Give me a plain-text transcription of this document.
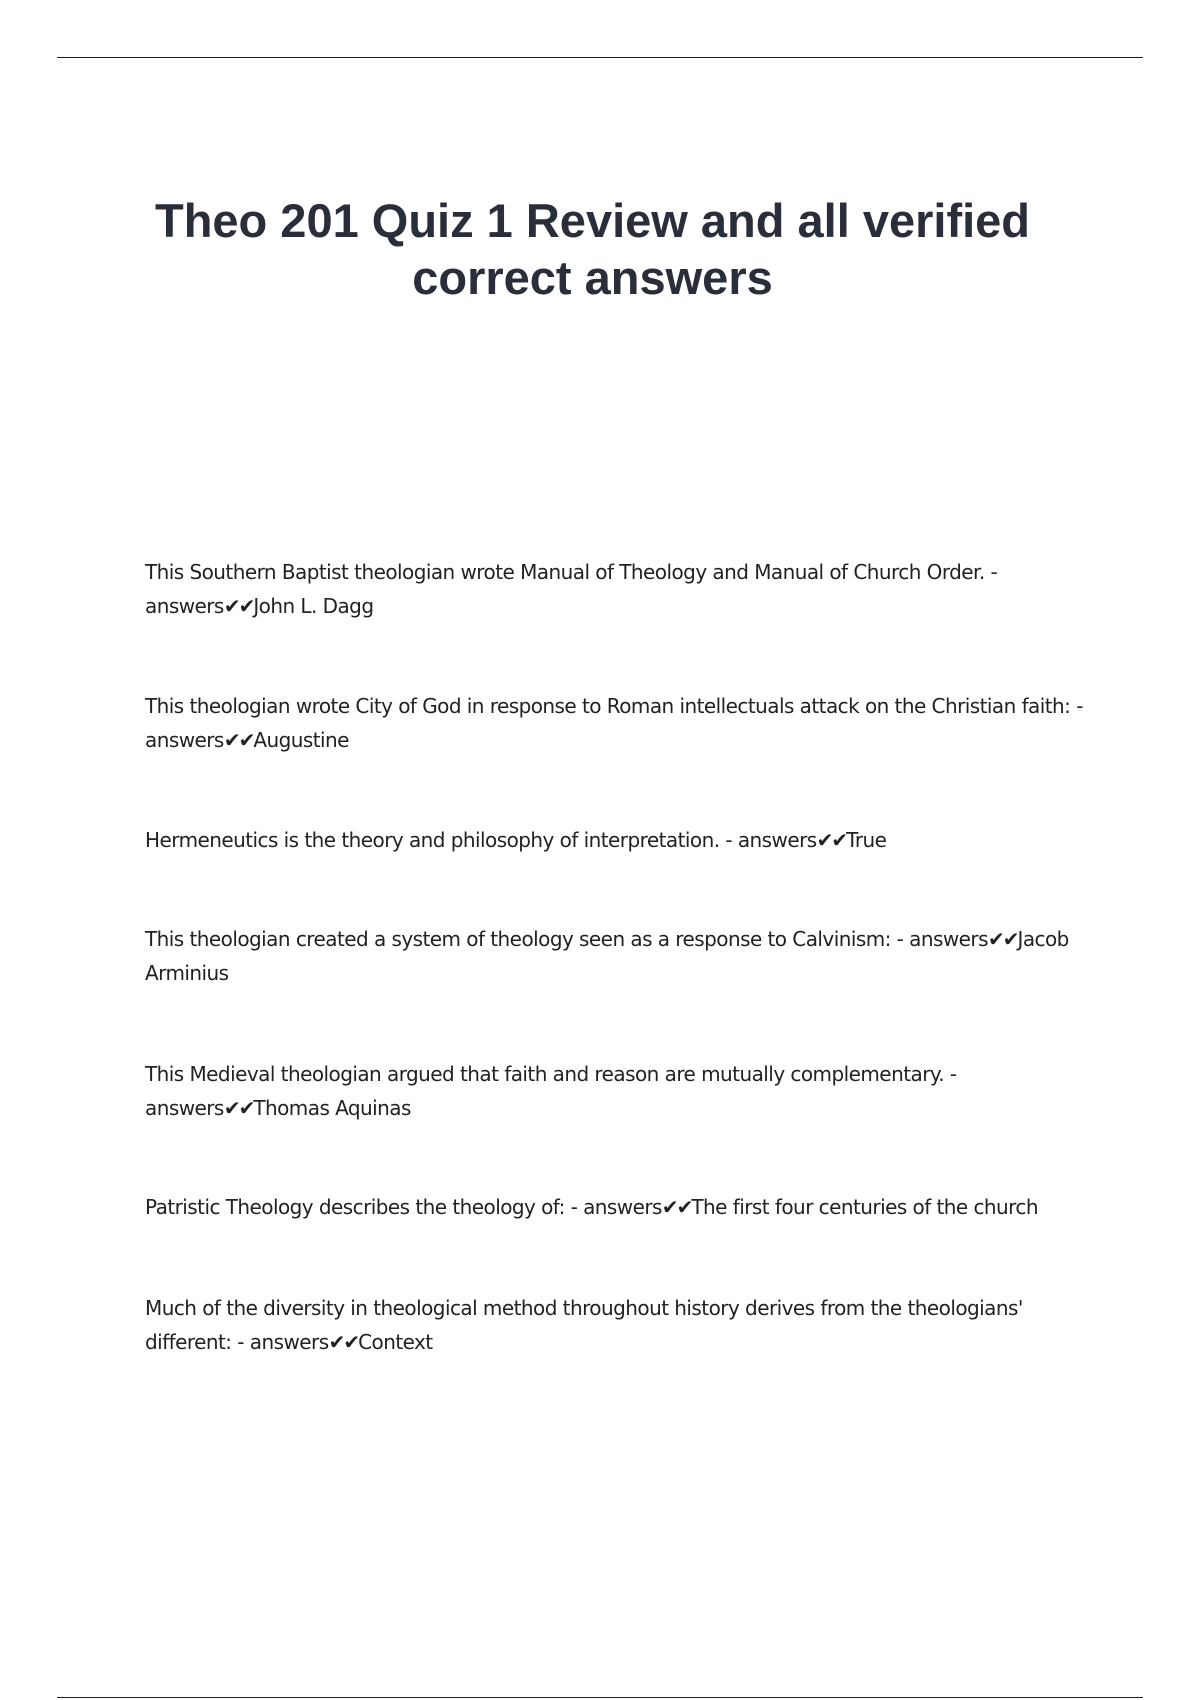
Theo 201 Quiz 1 Review and all verified correct answers

This Southern Baptist theologian wrote Manual of Theology and Manual of Church Order. - answers✔✔John L. Dagg

This theologian wrote City of God in response to Roman intellectuals attack on the Christian faith: - answers✔✔Augustine

Hermeneutics is the theory and philosophy of interpretation. - answers✔✔True

This theologian created a system of theology seen as a response to Calvinism: - answers✔✔Jacob Arminius

This Medieval theologian argued that faith and reason are mutually complementary. - answers✔✔Thomas Aquinas

Patristic Theology describes the theology of: - answers✔✔The first four centuries of the church

Much of the diversity in theological method throughout history derives from the theologians' different: - answers✔✔Context
